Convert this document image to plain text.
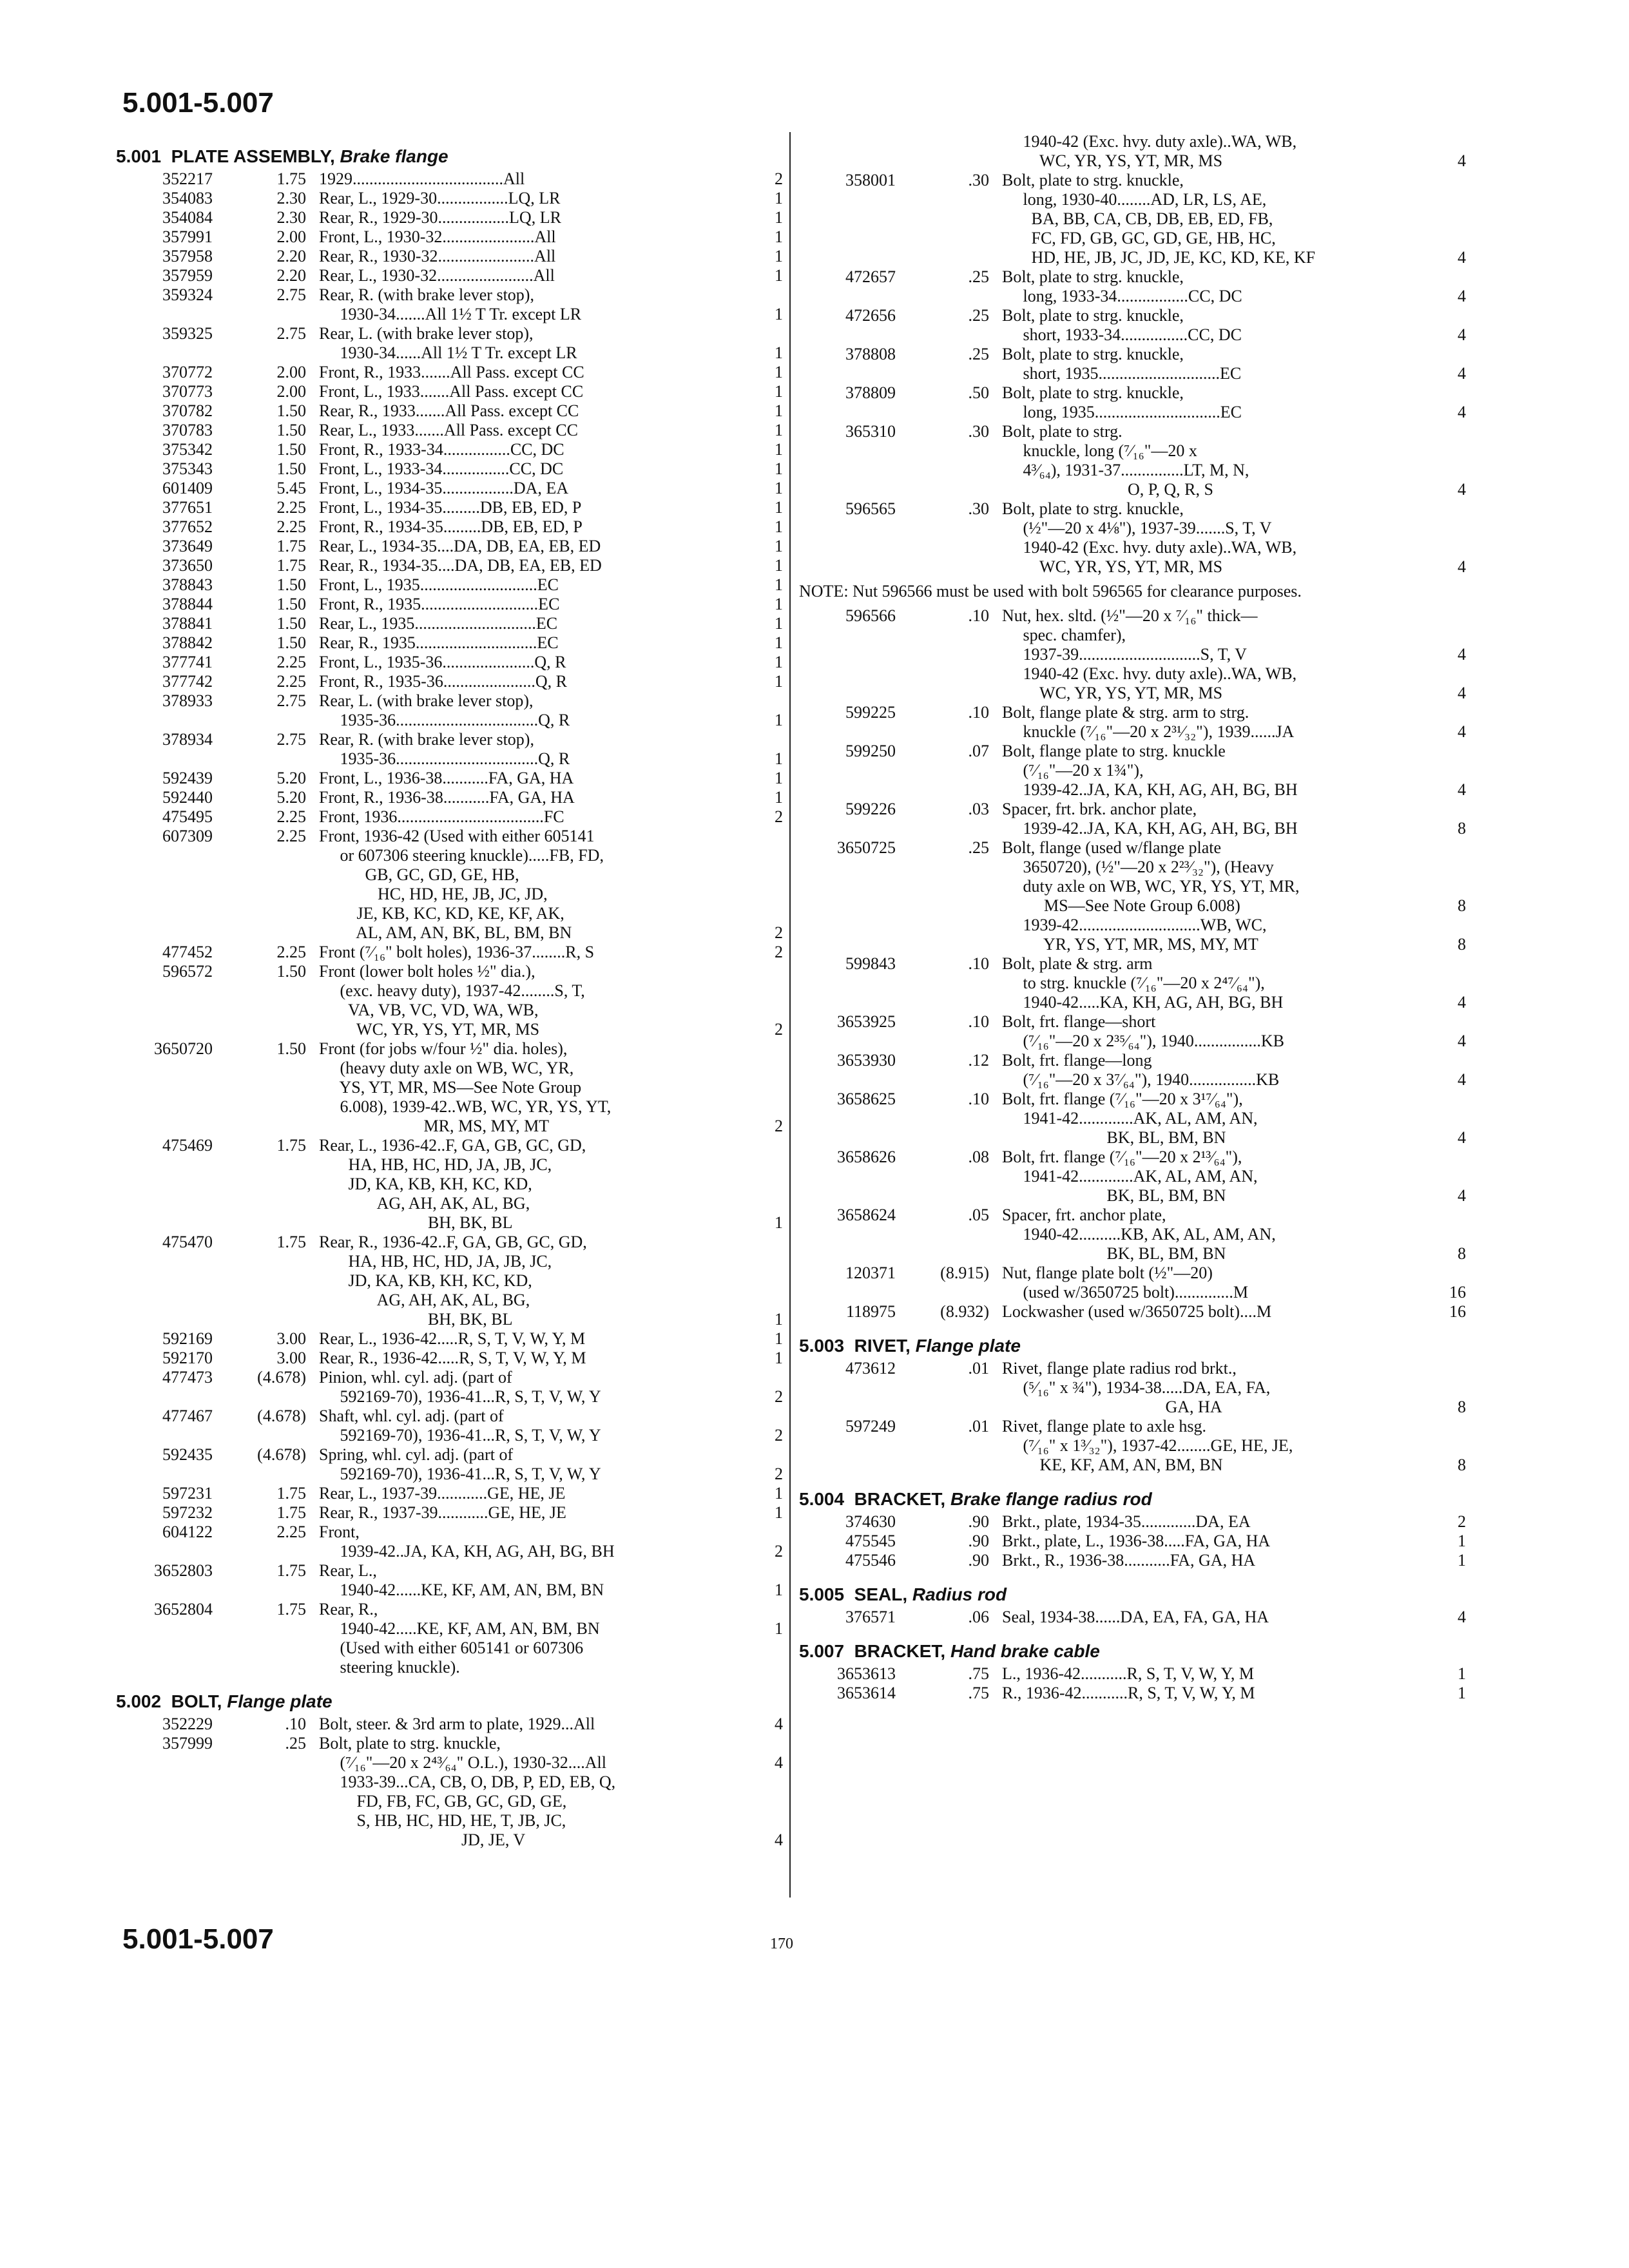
5.001-5.007
5.001 PLATE ASSEMBLY, Brake flange
352217	1.75 1929....................................All	2
354083	2.30 Rear, L., 1929-30.................LQ, LR	1
354084	2.30 Rear, R., 1929-30.................LQ, LR	1
357991	2.00 Front, L., 1930-32......................All	1
357958	2.20 Rear, R., 1930-32.......................All	1
357959	2.20 Rear, L., 1930-32.......................All	1
359324	2.75 Rear, R. (with brake lever stop),
1930-34.......All 1½ T Tr. except LR	1
359325	2.75 Rear, L. (with brake lever stop),
1930-34......All 1½ T Tr. except LR	1
370772	2.00 Front, R., 1933.......All Pass. except CC	1
370773	2.00 Front, L., 1933.......All Pass. except CC	1
370782	1.50 Rear, R., 1933.......All Pass. except CC	1
370783	1.50 Rear, L., 1933.......All Pass. except CC	1
375342	1.50 Front, R., 1933-34................CC, DC	1
375343	1.50 Front, L., 1933-34................CC, DC	1
601409	5.45 Front, L., 1934-35.................DA, EA	1
377651	2.25 Front, L., 1934-35.........DB, EB, ED, P	1
377652	2.25 Front, R., 1934-35.........DB, EB, ED, P	1
373649	1.75 Rear, L., 1934-35....DA, DB, EA, EB, ED	1
373650	1.75 Rear, R., 1934-35....DA, DB, EA, EB, ED	1
378843	1.50 Front, L., 1935............................EC	1
378844	1.50 Front, R., 1935............................EC	1
378841	1.50 Rear, L., 1935.............................EC	1
378842	1.50 Rear, R., 1935.............................EC	1
377741	2.25 Front, L., 1935-36......................Q, R	1
377742	2.25 Front, R., 1935-36......................Q, R	1
378933	2.75 Rear, L. (with brake lever stop),
1935-36..................................Q, R	1
378934	2.75 Rear, R. (with brake lever stop),
1935-36..................................Q, R	1
592439	5.20 Front, L., 1936-38...........FA, GA, HA	1
592440	5.20 Front, R., 1936-38...........FA, GA, HA	1
475495	2.25 Front, 1936...................................FC	2
607309	2.25 Front, 1936-42 (Used with either 605141
or 607306 steering knuckle).....FB, FD,
GB, GC, GD, GE, HB,
HC, HD, HE, JB, JC, JD,
JE, KB, KC, KD, KE, KF, AK,
AL, AM, AN, BK, BL, BM, BN	2
477452	2.25 Front (⁷⁄₁₆" bolt holes), 1936-37........R, S	2
596572	1.50 Front (lower bolt holes ½" dia.),
(exc. heavy duty), 1937-42........S, T,
VA, VB, VC, VD, WA, WB,
WC, YR, YS, YT, MR, MS	2
3650720	1.50 Front (for jobs w/four ½" dia. holes),
(heavy duty axle on WB, WC, YR,
YS, YT, MR, MS—See Note Group
6.008), 1939-42..WB, WC, YR, YS, YT,
MR, MS, MY, MT	2
475469	1.75 Rear, L., 1936-42..F, GA, GB, GC, GD,
HA, HB, HC, HD, JA, JB, JC,
JD, KA, KB, KH, KC, KD,
AG, AH, AK, AL, BG,
BH, BK, BL	1
475470	1.75 Rear, R., 1936-42..F, GA, GB, GC, GD,
HA, HB, HC, HD, JA, JB, JC,
JD, KA, KB, KH, KC, KD,
AG, AH, AK, AL, BG,
BH, BK, BL	1
592169	3.00 Rear, L., 1936-42.....R, S, T, V, W, Y, M	1
592170	3.00 Rear, R., 1936-42.....R, S, T, V, W, Y, M	1
477473	(4.678) Pinion, whl. cyl. adj. (part of
592169-70), 1936-41...R, S, T, V, W, Y	2
477467	(4.678) Shaft, whl. cyl. adj. (part of
592169-70), 1936-41...R, S, T, V, W, Y	2
592435	(4.678) Spring, whl. cyl. adj. (part of
592169-70), 1936-41...R, S, T, V, W, Y	2
597231	1.75 Rear, L., 1937-39............GE, HE, JE	1
597232	1.75 Rear, R., 1937-39............GE, HE, JE	1
604122	2.25 Front,
1939-42..JA, KA, KH, AG, AH, BG, BH	2
3652803	1.75 Rear, L.,
1940-42......KE, KF, AM, AN, BM, BN	1
3652804	1.75 Rear, R.,
1940-42.....KE, KF, AM, AN, BM, BN	1
(Used with either 605141 or 607306
steering knuckle).
5.002 BOLT, Flange plate
352229	.10 Bolt, steer. & 3rd arm to plate, 1929...All	4
357999	.25 Bolt, plate to strg. knuckle,
(⁷⁄₁₆"—20 x 2⁴³⁄₆₄" O.L.), 1930-32....All	4
1933-39...CA, CB, O, DB, P, ED, EB, Q,
FD, FB, FC, GB, GC, GD, GE,
S, HB, HC, HD, HE, T, JB, JC,
JD, JE, V	4
1940-42 (Exc. hvy. duty axle)..WA, WB,
WC, YR, YS, YT, MR, MS	4
358001	.30 Bolt, plate to strg. knuckle,
long, 1930-40........AD, LR, LS, AE,
BA, BB, CA, CB, DB, EB, ED, FB,
FC, FD, GB, GC, GD, GE, HB, HC,
HD, HE, JB, JC, JD, JE, KC, KD, KE, KF	4
472657	.25 Bolt, plate to strg. knuckle,
long, 1933-34.................CC, DC	4
472656	.25 Bolt, plate to strg. knuckle,
short, 1933-34................CC, DC	4
378808	.25 Bolt, plate to strg. knuckle,
short, 1935.............................EC	4
378809	.50 Bolt, plate to strg. knuckle,
long, 1935..............................EC	4
365310	.30 Bolt, plate to strg.
knuckle, long (⁷⁄₁₆"—20 x
4³⁄₆₄), 1931-37...............LT, M, N,
O, P, Q, R, S	4
596565	.30 Bolt, plate to strg. knuckle,
(½"—20 x 4⅛"), 1937-39.......S, T, V
1940-42 (Exc. hvy. duty axle)..WA, WB,
WC, YR, YS, YT, MR, MS	4
NOTE: Nut 596566 must be used with bolt 596565 for clearance purposes.
596566	.10 Nut, hex. sltd. (½"—20 x ⁷⁄₁₆" thick—
spec. chamfer),
1937-39.............................S, T, V	4
1940-42 (Exc. hvy. duty axle)..WA, WB,
WC, YR, YS, YT, MR, MS	4
599225	.10 Bolt, flange plate & strg. arm to strg.
knuckle (⁷⁄₁₆"—20 x 2³¹⁄₃₂"), 1939......JA	4
599250	.07 Bolt, flange plate to strg. knuckle
(⁷⁄₁₆"—20 x 1¾"),
1939-42..JA, KA, KH, AG, AH, BG, BH	4
599226	.03 Spacer, frt. brk. anchor plate,
1939-42..JA, KA, KH, AG, AH, BG, BH	8
3650725	.25 Bolt, flange (used w/flange plate
3650720), (½"—20 x 2²³⁄₃₂"), (Heavy
duty axle on WB, WC, YR, YS, YT, MR,
MS—See Note Group 6.008)	8
1939-42.............................WB, WC,
YR, YS, YT, MR, MS, MY, MT	8
599843	.10 Bolt, plate & strg. arm
to strg. knuckle (⁷⁄₁₆"—20 x 2⁴⁷⁄₆₄"),
1940-42.....KA, KH, AG, AH, BG, BH	4
3653925	.10 Bolt, frt. flange—short
(⁷⁄₁₆"—20 x 2³⁵⁄₆₄"), 1940................KB	4
3653930	.12 Bolt, frt. flange—long
(⁷⁄₁₆"—20 x 3⁷⁄₆₄"), 1940................KB	4
3658625	.10 Bolt, frt. flange (⁷⁄₁₆"—20 x 3¹⁷⁄₆₄"),
1941-42.............AK, AL, AM, AN,
BK, BL, BM, BN	4
3658626	.08 Bolt, frt. flange (⁷⁄₁₆"—20 x 2¹³⁄₆₄"),
1941-42.............AK, AL, AM, AN,
BK, BL, BM, BN	4
3658624	.05 Spacer, frt. anchor plate,
1940-42..........KB, AK, AL, AM, AN,
BK, BL, BM, BN	8
120371	(8.915) Nut, flange plate bolt (½"—20)
(used w/3650725 bolt)..............M	16
118975	(8.932) Lockwasher (used w/3650725 bolt)....M	16
5.003 RIVET, Flange plate
473612	.01 Rivet, flange plate radius rod brkt.,
(⁵⁄₁₆" x ¾"), 1934-38.....DA, EA, FA,
GA, HA	8
597249	.01 Rivet, flange plate to axle hsg.
(⁷⁄₁₆" x 1³⁄₃₂"), 1937-42........GE, HE, JE,
KE, KF, AM, AN, BM, BN	8
5.004 BRACKET, Brake flange radius rod
374630	.90 Brkt., plate, 1934-35.............DA, EA	2
475545	.90 Brkt., plate, L., 1936-38.....FA, GA, HA	1
475546	.90 Brkt., R., 1936-38...........FA, GA, HA	1
5.005 SEAL, Radius rod
376571	.06 Seal, 1934-38......DA, EA, FA, GA, HA	4
5.007 BRACKET, Hand brake cable
3653613	.75 L., 1936-42...........R, S, T, V, W, Y, M	1
3653614	.75 R., 1936-42...........R, S, T, V, W, Y, M	1
5.001-5.007	170
